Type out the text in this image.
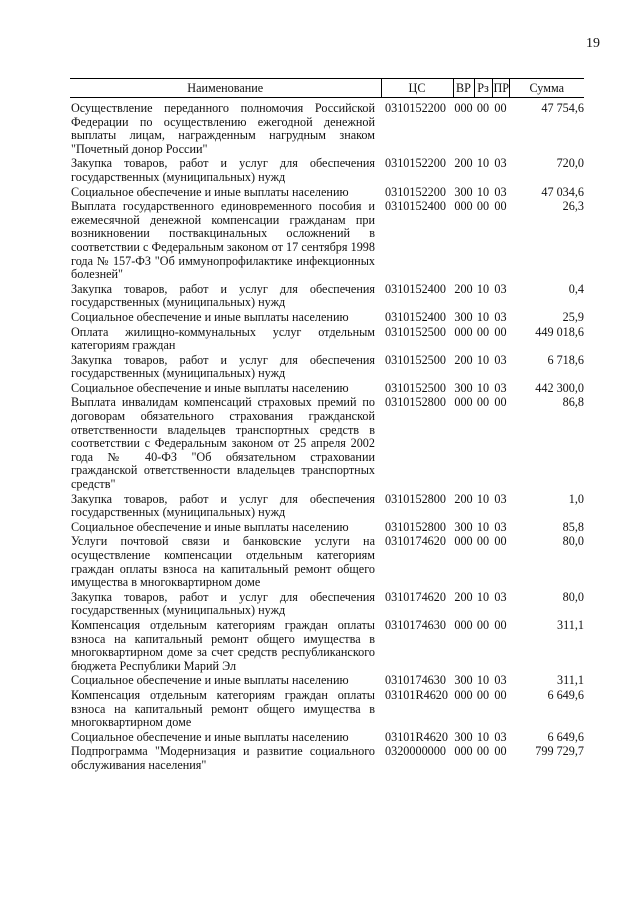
19
Наименование	ЦС	ВР	Рз	ПР	Сумма
Осуществление переданного полномочия Российской Федерации по осуществлению ежегодной денежной выплаты лицам, награжденным нагрудным знаком "Почетный донор России"	0310152200	000	00	00	47 754,6
Закупка товаров, работ и услуг для обеспечения государственных (муниципальных) нужд	0310152200	200	10	03	720,0
Социальное обеспечение и иные выплаты населению	0310152200	300	10	03	47 034,6
Выплата государственного единовременного пособия и ежемесячной денежной компенсации гражданам при возникновении поствакцинальных осложнений в соответствии с Федеральным законом от 17 сентября 1998 года № 157-ФЗ "Об иммунопрофилактике инфекционных болезней"	0310152400	000	00	00	26,3
Закупка товаров, работ и услуг для обеспечения государственных (муниципальных) нужд	0310152400	200	10	03	0,4
Социальное обеспечение и иные выплаты населению	0310152400	300	10	03	25,9
Оплата жилищно-коммунальных услуг отдельным категориям граждан	0310152500	000	00	00	449 018,6
Закупка товаров, работ и услуг для обеспечения государственных (муниципальных) нужд	0310152500	200	10	03	6 718,6
Социальное обеспечение и иные выплаты населению	0310152500	300	10	03	442 300,0
Выплата инвалидам компенсаций страховых премий по договорам обязательного страхования гражданской ответственности владельцев транспортных средств в соответствии с Федеральным законом от 25 апреля 2002 года № 40-ФЗ "Об обязательном страховании гражданской ответственности владельцев транспортных средств"	0310152800	000	00	00	86,8
Закупка товаров, работ и услуг для обеспечения государственных (муниципальных) нужд	0310152800	200	10	03	1,0
Социальное обеспечение и иные выплаты населению	0310152800	300	10	03	85,8
Услуги почтовой связи и банковские услуги на осуществление компенсации отдельным категориям граждан оплаты взноса на капитальный ремонт общего имущества в многоквартирном доме	0310174620	000	00	00	80,0
Закупка товаров, работ и услуг для обеспечения государственных (муниципальных) нужд	0310174620	200	10	03	80,0
Компенсация отдельным категориям граждан оплаты взноса на капитальный ремонт общего имущества в многоквартирном доме за счет средств республиканского бюджета Республики Марий Эл	0310174630	000	00	00	311,1
Социальное обеспечение и иные выплаты населению	0310174630	300	10	03	311,1
Компенсация отдельным категориям граждан оплаты взноса на капитальный ремонт общего имущества в многоквартирном доме	03101R4620	000	00	00	6 649,6
Социальное обеспечение и иные выплаты населению	03101R4620	300	10	03	6 649,6
Подпрограмма "Модернизация и развитие социального обслуживания населения"	0320000000	000	00	00	799 729,7
